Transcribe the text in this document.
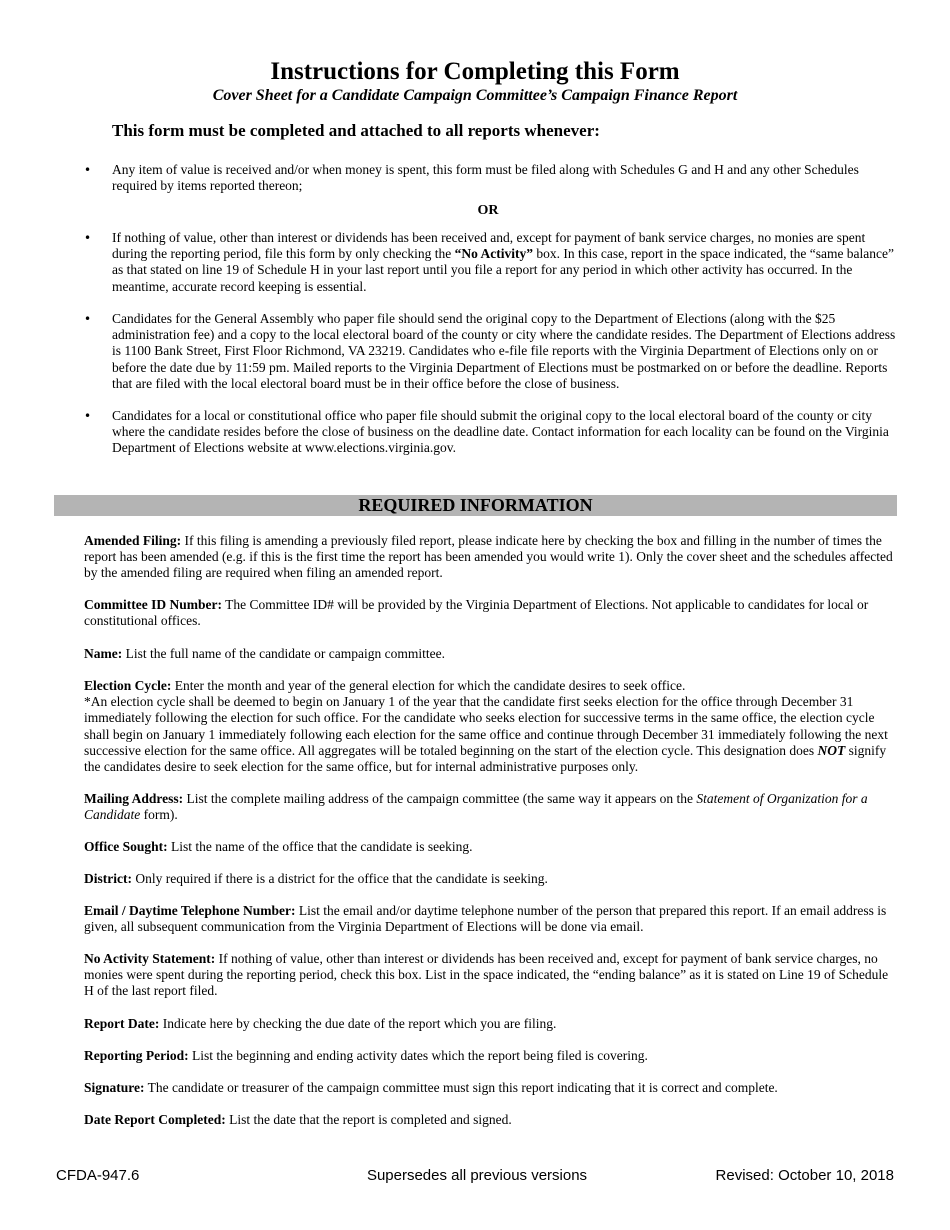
Instructions for Completing this Form
Cover Sheet for a Candidate Campaign Committee’s Campaign Finance Report
This form must be completed and attached to all reports whenever:
• Any item of value is received and/or when money is spent, this form must be filed along with Schedules G and H and any other Schedules required by items reported thereon;
OR
• If nothing of value, other than interest or dividends has been received and, except for payment of bank service charges, no monies are spent during the reporting period, file this form by only checking the “No Activity” box. In this case, report in the space indicated, the “same balance” as that stated on line 19 of Schedule H in your last report until you file a report for any period in which other activity has occurred. In the meantime, accurate record keeping is essential.
• Candidates for the General Assembly who paper file should send the original copy to the Department of Elections (along with the $25 administration fee) and a copy to the local electoral board of the county or city where the candidate resides. The Department of Elections address is 1100 Bank Street, First Floor Richmond, VA 23219. Candidates who e-file file reports with the Virginia Department of Elections only on or before the date due by 11:59 pm. Mailed reports to the Virginia Department of Elections must be postmarked on or before the deadline. Reports that are filed with the local electoral board must be in their office before the close of business.
• Candidates for a local or constitutional office who paper file should submit the original copy to the local electoral board of the county or city where the candidate resides before the close of business on the deadline date. Contact information for each locality can be found on the Virginia Department of Elections website at www.elections.virginia.gov.
REQUIRED INFORMATION
Amended Filing: If this filing is amending a previously filed report, please indicate here by checking the box and filling in the number of times the report has been amended (e.g. if this is the first time the report has been amended you would write 1). Only the cover sheet and the schedules affected by the amended filing are required when filing an amended report.
Committee ID Number: The Committee ID# will be provided by the Virginia Department of Elections. Not applicable to candidates for local or constitutional offices.
Name: List the full name of the candidate or campaign committee.
Election Cycle: Enter the month and year of the general election for which the candidate desires to seek office.
*An election cycle shall be deemed to begin on January 1 of the year that the candidate first seeks election for the office through December 31 immediately following the election for such office. For the candidate who seeks election for successive terms in the same office, the election cycle shall begin on January 1 immediately following each election for the same office and continue through December 31 immediately following the next successive election for the same office. All aggregates will be totaled beginning on the start of the election cycle. This designation does NOT signify the candidates desire to seek election for the same office, but for internal administrative purposes only.
Mailing Address: List the complete mailing address of the campaign committee (the same way it appears on the Statement of Organization for a Candidate form).
Office Sought: List the name of the office that the candidate is seeking.
District: Only required if there is a district for the office that the candidate is seeking.
Email / Daytime Telephone Number: List the email and/or daytime telephone number of the person that prepared this report. If an email address is given, all subsequent communication from the Virginia Department of Elections will be done via email.
No Activity Statement: If nothing of value, other than interest or dividends has been received and, except for payment of bank service charges, no monies were spent during the reporting period, check this box. List in the space indicated, the “ending balance” as it is stated on Line 19 of Schedule H of the last report filed.
Report Date: Indicate here by checking the due date of the report which you are filing.
Reporting Period: List the beginning and ending activity dates which the report being filed is covering.
Signature: The candidate or treasurer of the campaign committee must sign this report indicating that it is correct and complete.
Date Report Completed: List the date that the report is completed and signed.
CFDA-947.6	Supersedes all previous versions	Revised: October 10, 2018
